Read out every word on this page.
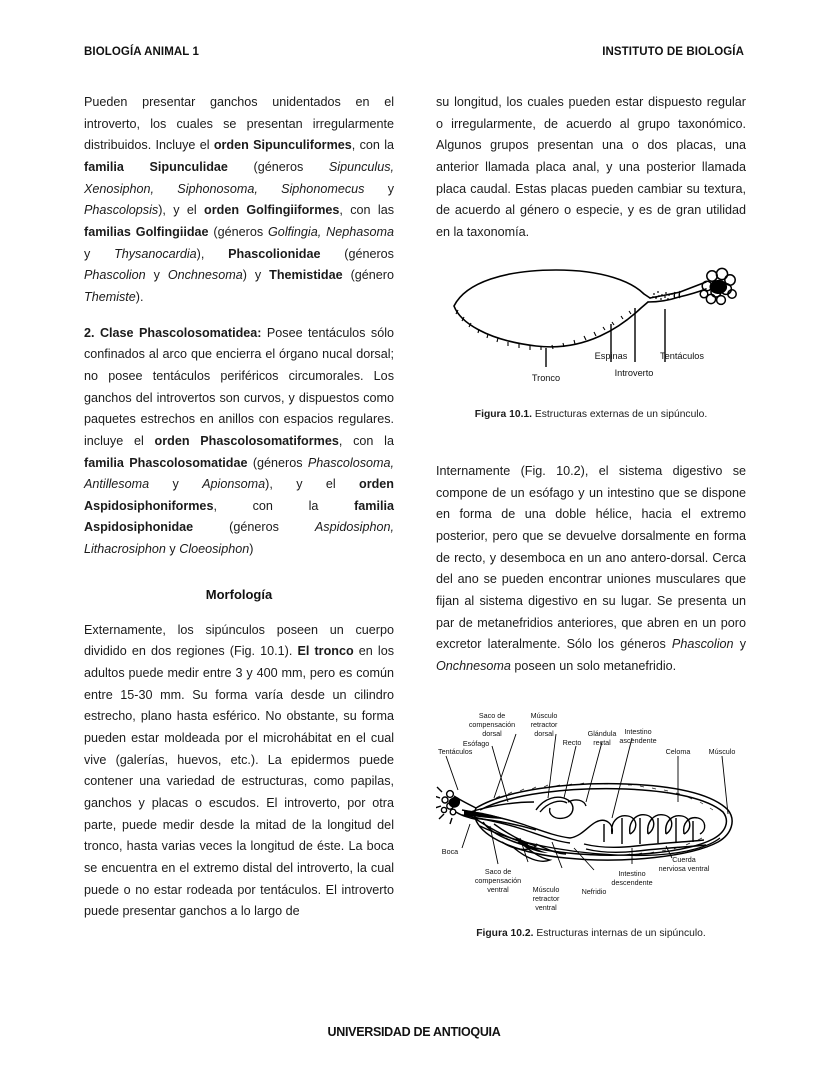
BIOLOGÍA ANIMAL 1	INSTITUTO DE BIOLOGÍA

Pueden presentar ganchos unidentados en el introverto, los cuales se presentan irregularmente distribuidos. Incluye el orden Sipunculiformes, con la familia Sipunculidae (géneros Sipunculus, Xenosiphon, Siphonosoma, Siphonomecus y Phascolopsis), y el orden Golfingiiformes, con las familias Golfingiidae (géneros Golfingia, Nephasoma y Thysanocardia), Phascolionidae (géneros Phascolion y Onchnesoma) y Themistidae (género Themiste).

2. Clase Phascolosomatidea: Posee tentáculos sólo confinados al arco que encierra el órgano nucal dorsal; no posee tentáculos periféricos circumorales. Los ganchos del introvertos son curvos, y dispuestos como paquetes estrechos en anillos con espacios regulares. incluye el orden Phascolosomatiformes, con la familia Phascolosomatidae (géneros Phascolosoma, Antillesoma y Apionsoma), y el orden Aspidosiphoniformes, con la familia Aspidosiphonidae (géneros Aspidosiphon, Lithacrosiphon y Cloeosiphon)

Morfología

Externamente, los sipúnculos poseen un cuerpo dividido en dos regiones (Fig. 10.1). El tronco en los adultos puede medir entre 3 y 400 mm, pero es común entre 15-30 mm. Su forma varía desde un cilindro estrecho, plano hasta esférico. No obstante, su forma pueden estar moldeada por el microhábitat en el cual vive (galerías, huevos, etc.). La epidermos puede contener una variedad de estructuras, como papilas, ganchos y placas o escudos. El introverto, por otra parte, puede medir desde la mitad de la longitud del tronco, hasta varias veces la longitud de éste. La boca se encuentra en el extremo distal del introverto, la cual puede o no estar rodeada por tentáculos. El introverto puede presentar ganchos a lo largo de

su longitud, los cuales pueden estar dispuesto regular o irregularmente, de acuerdo al grupo taxonómico. Algunos grupos presentan una o dos placas, una anterior llamada placa anal, y una posterior llamada placa caudal. Estas placas pueden cambiar su textura, de acuerdo al género o especie, y es de gran utilidad en la taxonomía.

Tronco
Espinas
Introverto
Tentáculos
Figura 10.1. Estructuras externas de un sipúnculo.

Internamente (Fig. 10.2), el sistema digestivo se compone de un esófago y un intestino que se dispone en forma de una doble hélice, hacia el extremo posterior, pero que se devuelve dorsalmente en forma de recto, y desemboca en un ano antero-dorsal. Cerca del ano se pueden encontrar uniones musculares que fijan al sistema digestivo en su lugar. Se presenta un par de metanefridios anteriores, que abren en un poro excretor lateralmente. Sólo los géneros Phascolion y Onchnesoma poseen un solo metanefridio.

Tentáculos
Saco de
compensación
dorsal
Músculo
retractor
dorsal
Esófago	Recto
Glándula
rectal
Intestino
ascendente
Celoma	Músculo
Boca
Saco de
compensación
ventral	Músculo
retractor
ventral
Nefridio
Intestino
descendente
Cuerda
nerviosa ventral
Figura 10.2. Estructuras internas de un sipúnculo.
UNIVERSIDAD DE ANTIOQUIA
